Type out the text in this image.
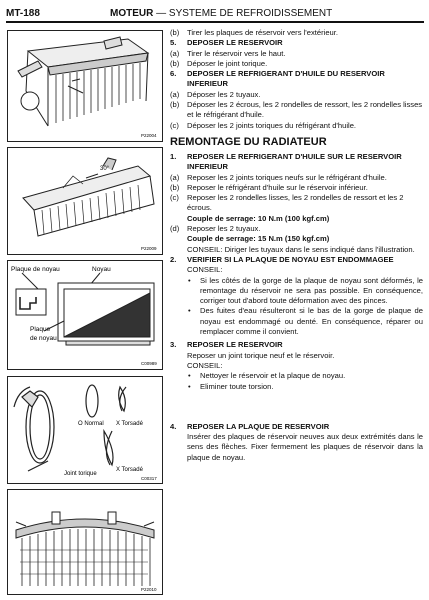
MT-188	MOTEUR — SYSTEME DE REFROIDISSEMENT
P22004
30°
P22009
Plaque de noyau	Noyau
Plaque
de noyau
C00989
O Normal X Torsadé
X Torsadé
Joint torique
C00317
P22010
(b) Tirer les plaques de réservoir vers l'extérieur.
5. DEPOSER LE RESERVOIR
(a) Tirer le réservoir vers le haut.
(b) Déposer le joint torique.
6. DEPOSER LE REFRIGERANT D'HUILE DU RESERVOIR INFERIEUR
(a) Déposer les 2 tuyaux.
(b) Déposer les 2 écrous, les 2 rondelles de ressort, les 2 rondelles lisses et le réfrigérant d'huile.
(c) Déposer les 2 joints toriques du réfrigérant d'huile.
REMONTAGE DU RADIATEUR
1. REPOSER LE REFRIGERANT D'HUILE SUR LE RESERVOIR INFERIEUR
(a) Reposer les 2 joints toriques neufs sur le réfrigérant d'huile.
(b) Reposer le réfrigérant d'huile sur le réservoir inférieur.
(c) Reposer les 2 rondelles lisses, les 2 rondelles de ressort et les 2 écrous.
Couple de serrage: 10 N.m (100 kgf.cm)
(d) Reposer les 2 tuyaux.
Couple de serrage: 15 N.m (150 kgf.cm)
CONSEIL: Diriger les tuyaux dans le sens indiqué dans l'illustration.
2. VERIFIER SI LA PLAQUE DE NOYAU EST ENDOMMAGEE
CONSEIL:
• Si les côtés de la gorge de la plaque de noyau sont déformés, le remontage du réservoir ne sera pas possible. En conséquence, corriger tout d'abord toute déformation avec des pinces.
• Des fuites d'eau résulteront si le bas de la gorge de plaque de noyau est endommagé ou denté. En conséquence, réparer ou remplacer comme il convient.
3. REPOSER LE RESERVOIR
Reposer un joint torique neuf et le réservoir.
CONSEIL:
• Nettoyer le réservoir et la plaque de noyau.
• Eliminer toute torsion.
4. REPOSER LA PLAQUE DE RESERVOIR
Insérer des plaques de réservoir neuves aux deux extrémités dans le sens des flèches. Fixer fermement les plaques de réservoir dans la plaque de noyau.
